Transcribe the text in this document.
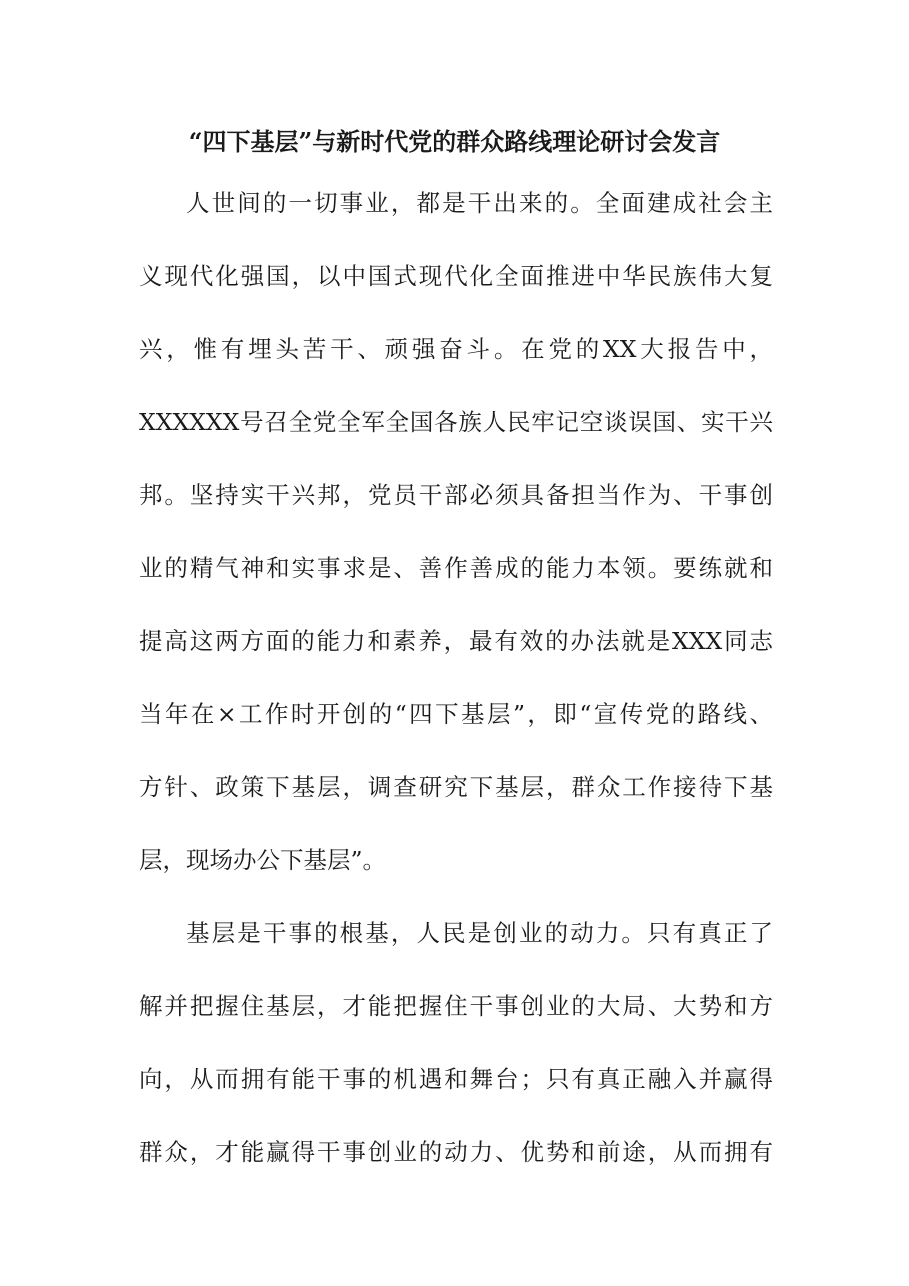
“四下基层”与新时代党的群众路线理论研讨会发言

人世间的一切事业，都是干出来的。全面建成社会主

义现代化强国，以中国式现代化全面推进中华民族伟大复

兴，惟有埋头苦干、顽强奋斗。在党的XX大报告中，

XXXXXX号召全党全军全国各族人民牢记空谈误国、实干兴

邦。坚持实干兴邦，党员干部必须具备担当作为、干事创

业的精气神和实事求是、善作善成的能力本领。要练就和

提高这两方面的能力和素养，最有效的办法就是XXX同志

当年在×工作时开创的“四下基层”，即“宣传党的路线、

方针、政策下基层，调查研究下基层，群众工作接待下基

层，现场办公下基层”。

基层是干事的根基，人民是创业的动力。只有真正了

解并把握住基层，才能把握住干事创业的大局、大势和方

向，从而拥有能干事的机遇和舞台；只有真正融入并赢得

群众，才能赢得干事创业的动力、优势和前途，从而拥有
